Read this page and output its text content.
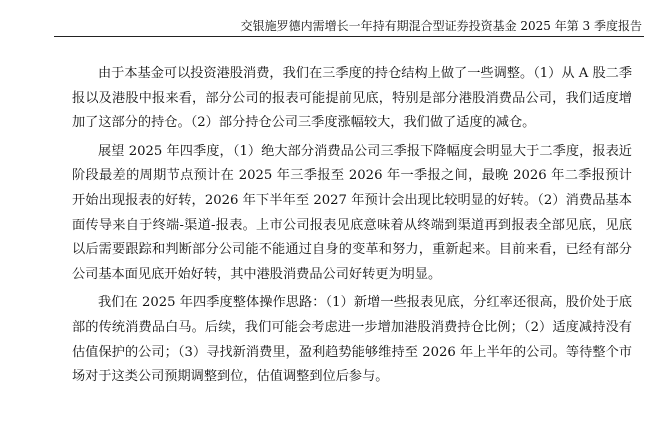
交银施罗德内需增长一年持有期混合型证券投资基金 2025 年第 3 季度报告

由于本基金可以投资港股消费，我们在三季度的持仓结构上做了一些调整。（1）从 A 股二季报以及港股中报来看，部分公司的报表可能提前见底，特别是部分港股消费品公司，我们适度增加了这部分的持仓。（2）部分持仓公司三季度涨幅较大，我们做了适度的减仓。

展望 2025 年四季度，（1）绝大部分消费品公司三季报下降幅度会明显大于二季度，报表近阶段最差的周期节点预计在 2025 年三季报至 2026 年一季报之间，最晚 2026 年二季报预计开始出现报表的好转，2026 年下半年至 2027 年预计会出现比较明显的好转。（2）消费品基本面传导来自于终端-渠道-报表。上市公司报表见底意味着从终端到渠道再到报表全部见底，见底以后需要跟踪和判断部分公司能不能通过自身的变革和努力，重新起来。目前来看，已经有部分公司基本面见底开始好转，其中港股消费品公司好转更为明显。

我们在 2025 年四季度整体操作思路：（1）新增一些报表见底，分红率还很高，股价处于底部的传统消费品白马。后续，我们可能会考虑进一步增加港股消费持仓比例；（2）适度减持没有估值保护的公司；（3）寻找新消费里，盈利趋势能够维持至 2026 年上半年的公司。等待整个市场对于这类公司预期调整到位，估值调整到位后参与。
